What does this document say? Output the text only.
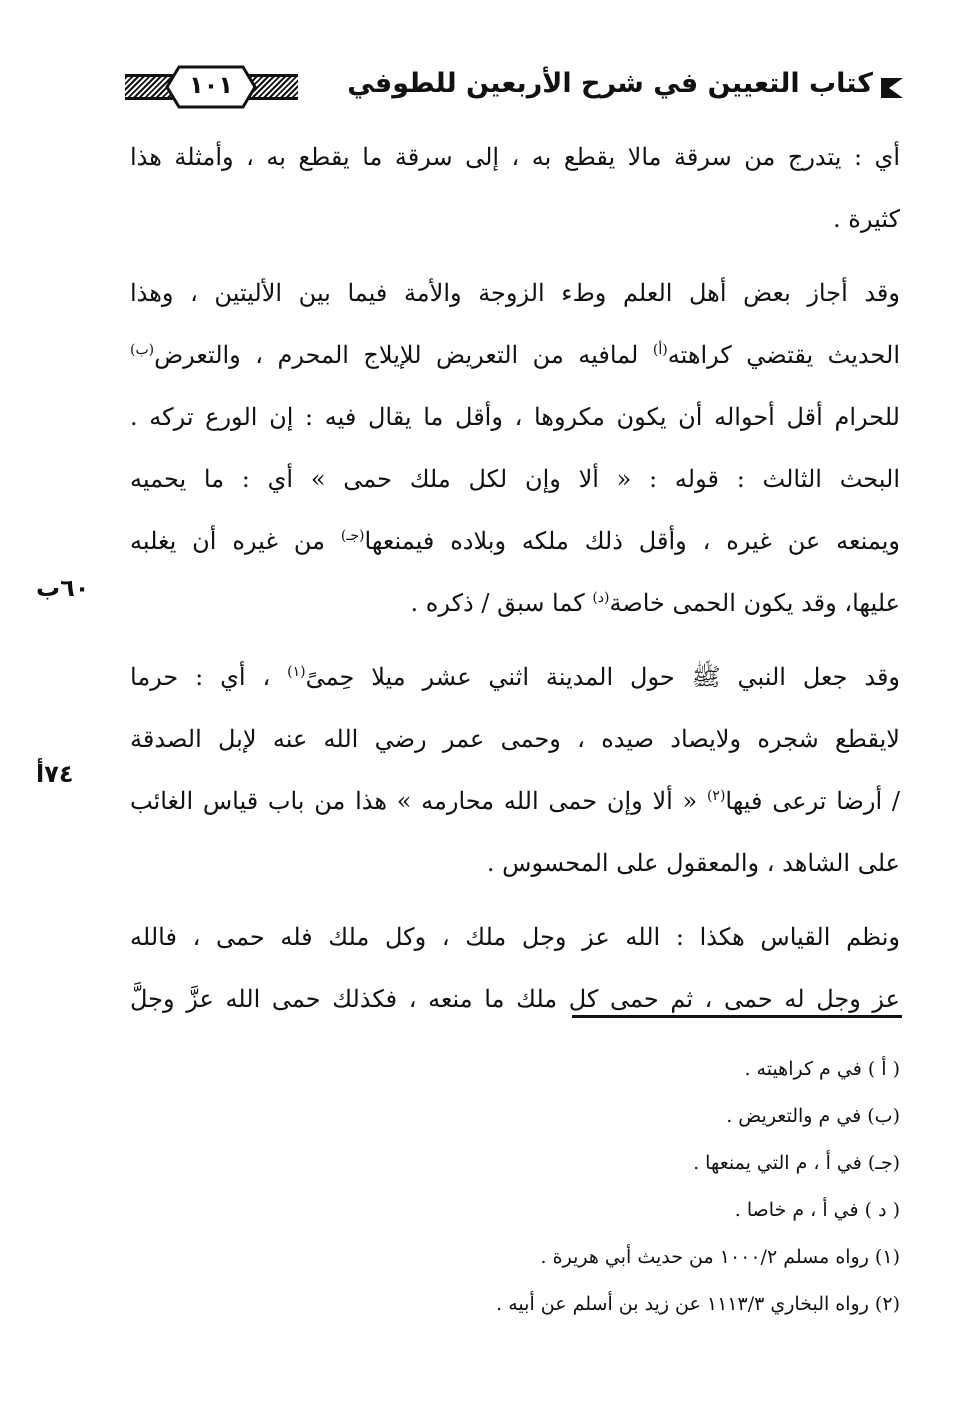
١٠١	كتاب التعيين في شرح الأربعين للطوفي
أي : يتدرج من سرقة مالا يقطع به ، إلى سرقة ما يقطع به ، وأمثلة هذا
كثيرة .
وقد أجاز بعض أهل العلم وطء الزوجة والأمة فيما بين الأليتين ، وهذا
الحديث يقتضي كراهته$^{(أ)}$ لمافيه من التعريض للإيلاج المحرم ، والتعرض$^{(ب)}$
للحرام أقل أحواله أن يكون مكروها ، وأقل ما يقال فيه : إن الورع تركه .
البحث الثالث : قوله : « ألا وإن لكل ملك حمى » أي : ما يحميه
ويمنعه عن غيره ، وأقل ذلك ملكه وبلاده فيمنعها$^{(جـ)}$ من غيره أن يغلبه
عليها، وقد يكون الحمى خاصة$^{(د)}$ كما سبق / ذكره .
وقد جعل النبي ﷺ حول المدينة اثني عشر ميلا حِمىً$^{(١)}$ ، أي : حرما
لايقطع شجره ولايصاد صيده ، وحمى عمر رضي الله عنه لإبل الصدقة
/ أرضا ترعى فيها$^{(٢)}$ « ألا وإن حمى الله محارمه » هذا من باب قياس الغائب
على الشاهد ، والمعقول على المحسوس .
ونظم القياس هكذا : الله عز وجل ملك ، وكل ملك فله حمى ، فالله
عز وجل له حمى ، ثم حمى كل ملك ما منعه ، فكذلك حمى الله عزَّ وجلَّ
٦٠ب
٧٤أ
( أ ) في م كراهيته .
(ب) في م والتعريض .
(جـ) في أ ، م التي يمنعها .
( د ) في أ ، م خاصا .
(١) رواه مسلم ١٠٠٠/٢ من حديث أبي هريرة .
(٢) رواه البخاري ١١١٣/٣ عن زيد بن أسلم عن أبيه .
